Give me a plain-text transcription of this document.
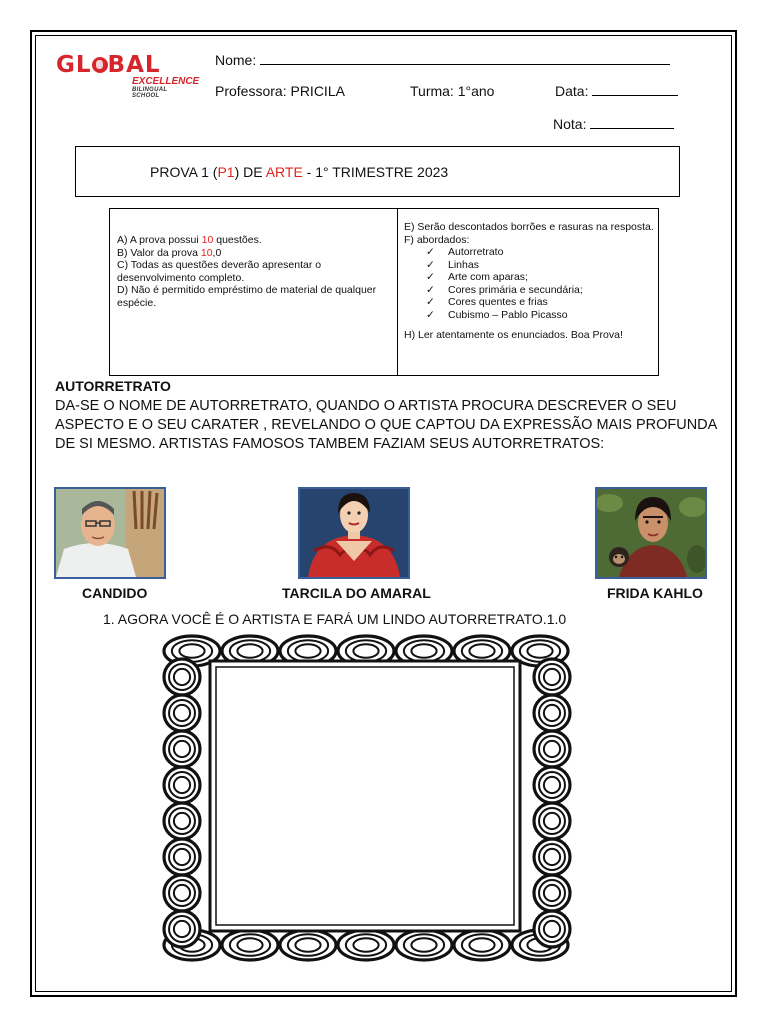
GL BAL
EXCELLENCE
BILINGUAL SCHOOL
Nome:
Professora: PRICILA	Turma: 1°ano	Data:
Nota:
PROVA 1 (P1) DE ARTE - 1° TRIMESTRE 2023
A) A prova possui 10 questões.
B) Valor da prova 10,0
C) Todas as questões deverão apresentar o desenvolvimento completo.
D) Não é permitido empréstimo de material de qualquer espécie.
E) Serão descontados borrões e rasuras na resposta.
F) abordados:
✓ Autorretrato
✓ Linhas
✓ Arte com aparas;
✓ Cores primária e secundária;
✓ Cores quentes e frias
✓ Cubismo – Pablo Picasso
H) Ler atentamente os enunciados. Boa Prova!
AUTORRETRATO
DA-SE O NOME DE AUTORRETRATO, QUANDO O ARTISTA PROCURA DESCREVER O SEU ASPECTO E O SEU CARATER , REVELANDO O QUE CAPTOU DA EXPRESSÃO MAIS PROFUNDA DE SI MESMO. ARTISTAS FAMOSOS TAMBEM FAZIAM SEUS AUTORRETRATOS:
CANDIDO	TARCILA DO AMARAL	FRIDA KAHLO
1. AGORA VOCÊ É O ARTISTA E FARÁ UM LINDO AUTORRETRATO.1.0
